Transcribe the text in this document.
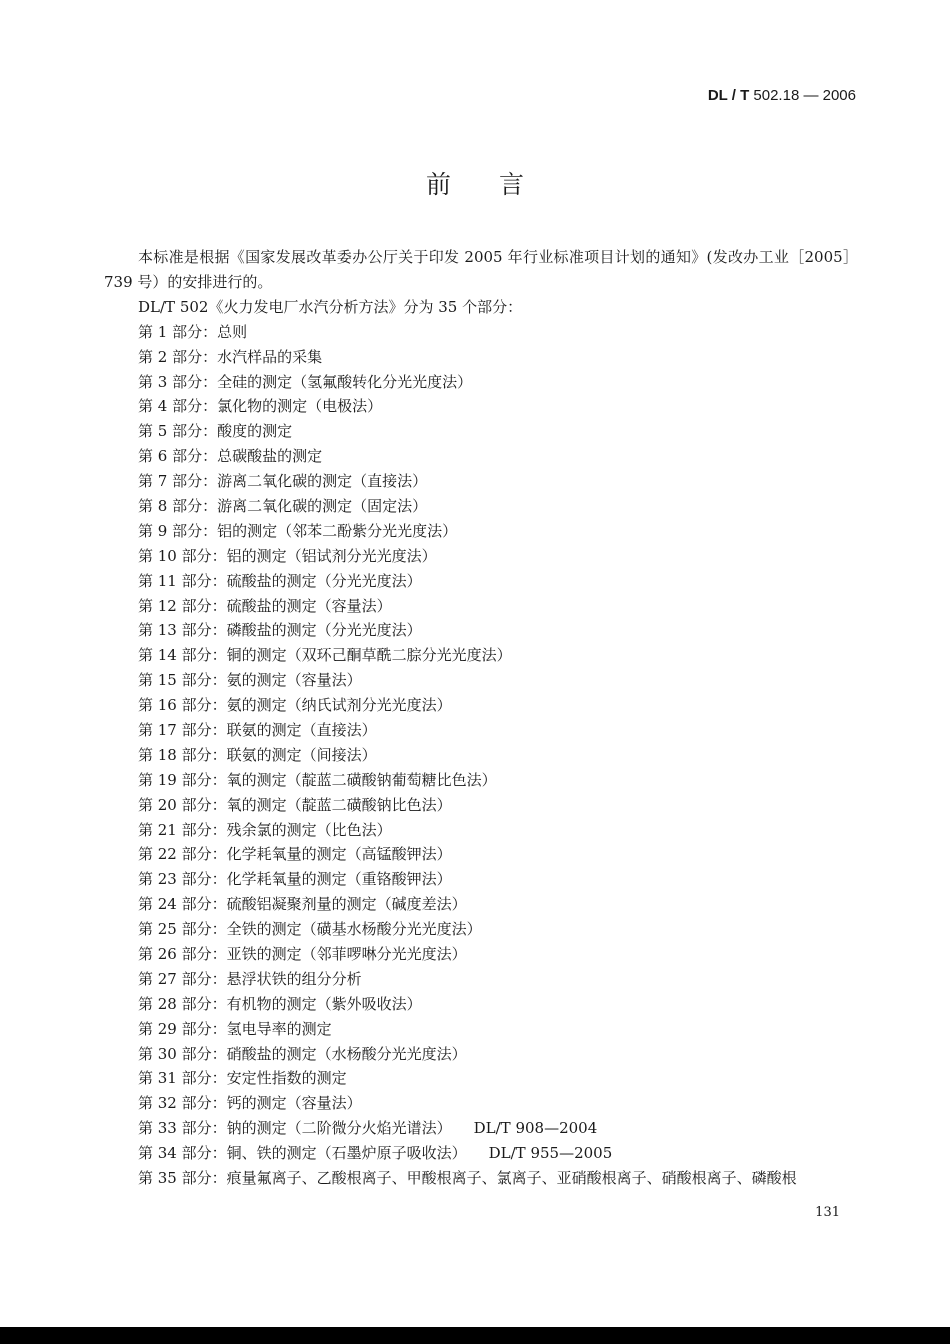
DL / T 502.18 — 2006
前言

本标准是根据《国家发展改革委办公厅关于印发 2005 年行业标准项目计划的通知》(发改办工业［2005］739 号）的安排进行的。

DL/T 502《火力发电厂水汽分析方法》分为 35 个部分：

第 1 部分：总则
第 2 部分：水汽样品的采集
第 3 部分：全硅的测定（氢氟酸转化分光光度法）
第 4 部分：氯化物的测定（电极法）
第 5 部分：酸度的测定
第 6 部分：总碳酸盐的测定
第 7 部分：游离二氧化碳的测定（直接法）
第 8 部分：游离二氧化碳的测定（固定法）
第 9 部分：铝的测定（邻苯二酚紫分光光度法）
第 10 部分：铝的测定（铝试剂分光光度法）
第 11 部分：硫酸盐的测定（分光光度法）
第 12 部分：硫酸盐的测定（容量法）
第 13 部分：磷酸盐的测定（分光光度法）
第 14 部分：铜的测定（双环己酮草酰二腙分光光度法）
第 15 部分：氨的测定（容量法）
第 16 部分：氨的测定（纳氏试剂分光光度法）
第 17 部分：联氨的测定（直接法）
第 18 部分：联氨的测定（间接法）
第 19 部分：氧的测定（靛蓝二磺酸钠葡萄糖比色法）
第 20 部分：氧的测定（靛蓝二磺酸钠比色法）
第 21 部分：残余氯的测定（比色法）
第 22 部分：化学耗氧量的测定（高锰酸钾法）
第 23 部分：化学耗氧量的测定（重铬酸钾法）
第 24 部分：硫酸铝凝聚剂量的测定（碱度差法）
第 25 部分：全铁的测定（磺基水杨酸分光光度法）
第 26 部分：亚铁的测定（邻菲啰啉分光光度法）
第 27 部分：悬浮状铁的组分分析
第 28 部分：有机物的测定（紫外吸收法）
第 29 部分：氢电导率的测定
第 30 部分：硝酸盐的测定（水杨酸分光光度法）
第 31 部分：安定性指数的测定
第 32 部分：钙的测定（容量法）
第 33 部分：钠的测定（二阶微分火焰光谱法） DL/T 908—2004
第 34 部分：铜、铁的测定（石墨炉原子吸收法） DL/T 955—2005
第 35 部分：痕量氟离子、乙酸根离子、甲酸根离子、氯离子、亚硝酸根离子、硝酸根离子、磷酸根
131
